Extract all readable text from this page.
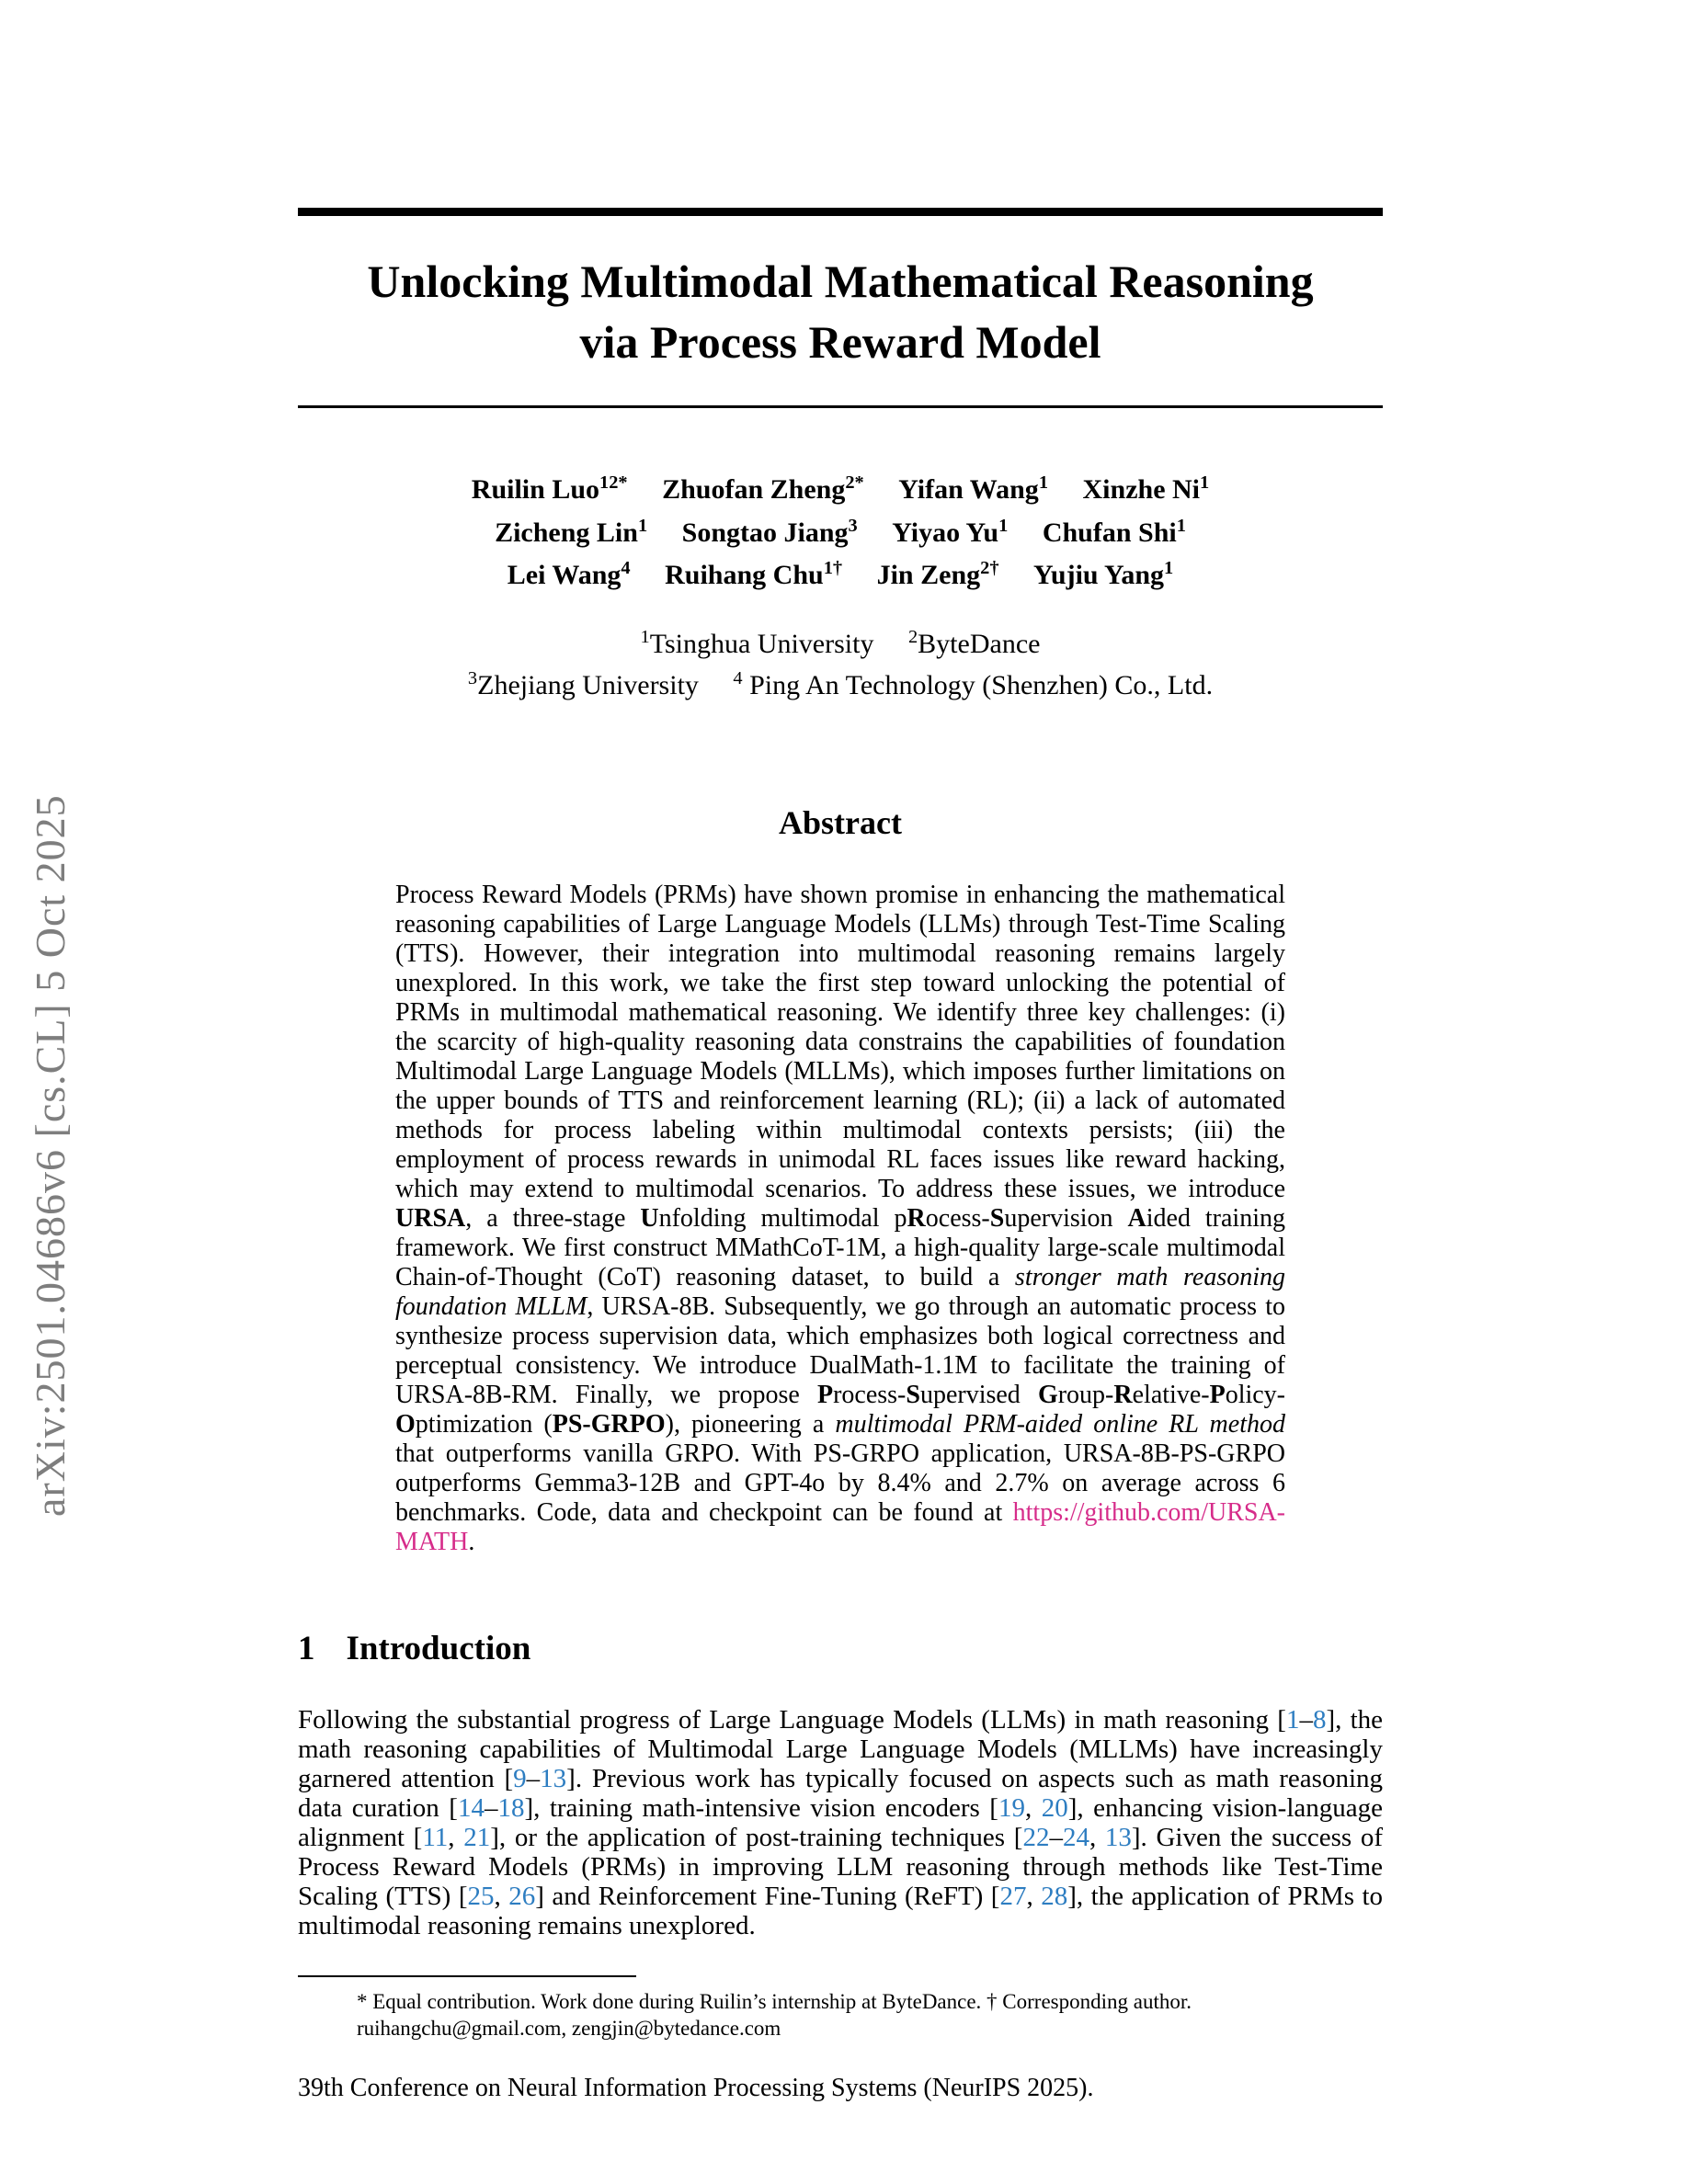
arXiv:2501.04686v6 [cs.CL] 5 Oct 2025
Unlocking Multimodal Mathematical Reasoning
via Process Reward Model
Ruilin Luo$^{12*}$ Zhuofan Zheng$^{2*}$ Yifan Wang$^1$ Xinzhe Ni$^1$
Zicheng Lin$^1$ Songtao Jiang$^3$ Yiyao Yu$^1$ Chufan Shi$^1$
Lei Wang$^4$ Ruihang Chu$^{1\dagger}$ Jin Zeng$^{2\dagger}$ Yujiu Yang$^1$
$^1$Tsinghua University $^2$ByteDance
$^3$Zhejiang University $^4$ Ping An Technology (Shenzhen) Co., Ltd.
Abstract

Process Reward Models (PRMs) have shown promise in enhancing the mathematical reasoning capabilities of Large Language Models (LLMs) through Test-Time Scaling (TTS). However, their integration into multimodal reasoning remains largely unexplored. In this work, we take the first step toward unlocking the potential of PRMs in multimodal mathematical reasoning. We identify three key challenges: (i) the scarcity of high-quality reasoning data constrains the capabilities of foundation Multimodal Large Language Models (MLLMs), which imposes further limitations on the upper bounds of TTS and reinforcement learning (RL); (ii) a lack of automated methods for process labeling within multimodal contexts persists; (iii) the employment of process rewards in unimodal RL faces issues like reward hacking, which may extend to multimodal scenarios. To address these issues, we introduce URSA, a three-stage Unfolding multimodal pRocess-Supervision Aided training framework. We first construct MMathCoT-1M, a high-quality large-scale multimodal Chain-of-Thought (CoT) reasoning dataset, to build a stronger math reasoning foundation MLLM, URSA-8B. Subsequently, we go through an automatic process to synthesize process supervision data, which emphasizes both logical correctness and perceptual consistency. We introduce DualMath-1.1M to facilitate the training of URSA-8B-RM. Finally, we propose Process-Supervised Group-Relative-Policy-Optimization (PS-GRPO), pioneering a multimodal PRM-aided online RL method that outperforms vanilla GRPO. With PS-GRPO application, URSA-8B-PS-GRPO outperforms Gemma3-12B and GPT-4o by 8.4% and 2.7% on average across 6 benchmarks. Code, data and checkpoint can be found at https://github.com/URSA-MATH.

1 Introduction

Following the substantial progress of Large Language Models (LLMs) in math reasoning [1–8], the math reasoning capabilities of Multimodal Large Language Models (MLLMs) have increasingly garnered attention [9–13]. Previous work has typically focused on aspects such as math reasoning data curation [14–18], training math-intensive vision encoders [19, 20], enhancing vision-language alignment [11, 21], or the application of post-training techniques [22–24, 13]. Given the success of Process Reward Models (PRMs) in improving LLM reasoning through methods like Test-Time Scaling (TTS) [25, 26] and Reinforcement Fine-Tuning (ReFT) [27, 28], the application of PRMs to multimodal reasoning remains unexplored.

* Equal contribution. Work done during Ruilin’s internship at ByteDance. † Corresponding author.
ruihangchu@gmail.com, zengjin@bytedance.com
39th Conference on Neural Information Processing Systems (NeurIPS 2025).
